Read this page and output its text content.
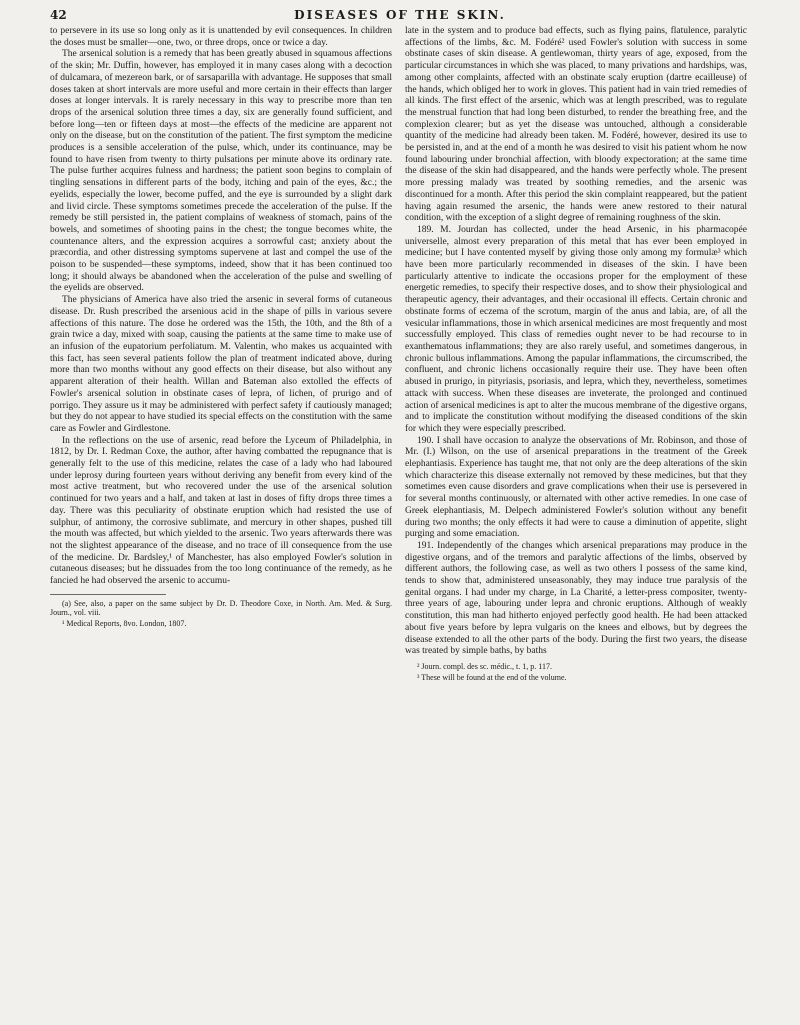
42	DISEASES OF THE SKIN.

to persevere in its use so long only as it is unattended by evil consequences. In children the doses must be smaller—one, two, or three drops, once or twice a day.

The arsenical solution is a remedy that has been greatly abused in squamous affections of the skin; Mr. Duffin, however, has employed it in many cases along with a decoction of dulcamara, of mezereon bark, or of sarsaparilla with advantage. He supposes that small doses taken at short intervals are more useful and more certain in their effects than larger doses at longer intervals. It is rarely necessary in this way to prescribe more than ten drops of the arsenical solution three times a day, six are generally found sufficient, and before long—ten or fifteen days at most—the effects of the medicine are apparent not only on the disease, but on the constitution of the patient. The first symptom the medicine produces is a sensible acceleration of the pulse, which, under its continuance, may be found to have risen from twenty to thirty pulsations per minute above its ordinary rate. The pulse further acquires fulness and hardness; the patient soon begins to complain of tingling sensations in different parts of the body, itching and pain of the eyes, &c.; the eyelids, especially the lower, become puffed, and the eye is surrounded by a slight dark and livid circle. These symptoms sometimes precede the acceleration of the pulse. If the remedy be still persisted in, the patient complains of weakness of stomach, pains of the bowels, and sometimes of shooting pains in the chest; the tongue becomes white, the countenance alters, and the expression acquires a sorrowful cast; anxiety about the præcordia, and other distressing symptoms supervene at last and compel the use of the poison to be suspended—these symptoms, indeed, show that it has been continued too long; it should always be abandoned when the acceleration of the pulse and swelling of the eyelids are observed.

The physicians of America have also tried the arsenic in several forms of cutaneous disease. Dr. Rush prescribed the arsenious acid in the shape of pills in various severe affections of this nature. The dose he ordered was the 15th, the 10th, and the 8th of a grain twice a day, mixed with soap, causing the patients at the same time to make use of an infusion of the eupatorium perfoliatum. M. Valentin, who makes us acquainted with this fact, has seen several patients follow the plan of treatment indicated above, during more than two months without any good effects on their disease, but also without any apparent alteration of their health. Willan and Bateman also extolled the effects of Fowler's arsenical solution in obstinate cases of lepra, of lichen, of prurigo and of porrigo. They assure us it may be administered with perfect safety if cautiously managed; but they do not appear to have studied its special effects on the constitution with the same care as Fowler and Girdlestone.

In the reflections on the use of arsenic, read before the Lyceum of Philadelphia, in 1812, by Dr. I. Redman Coxe, the author, after having combatted the repugnance that is generally felt to the use of this medicine, relates the case of a lady who had laboured under leprosy during fourteen years without deriving any benefit from every kind of the most active treatment, but who recovered under the use of the arsenical solution continued for two years and a half, and taken at last in doses of fifty drops three times a day. There was this peculiarity of obstinate eruption which had resisted the use of sulphur, of antimony, the corrosive sublimate, and mercury in other shapes, pushed till the mouth was affected, but which yielded to the arsenic. Two years afterwards there was not the slightest appearance of the disease, and no trace of ill consequence from the use of the medicine. Dr. Bardsley,¹ of Manchester, has also employed Fowler's solution in cutaneous diseases; but he dissuades from the too long continuance of the remedy, as he fancied he had observed the arsenic to accumu-

(a) See, also, a paper on the same subject by Dr. D. Theodore Coxe, in North. Am. Med. & Surg. Journ., vol. viii.

¹ Medical Reports, 8vo. London, 1807.

late in the system and to produce bad effects, such as flying pains, flatulence, paralytic affections of the limbs, &c. M. Fodéré² used Fowler's solution with success in some obstinate cases of skin disease. A gentlewoman, thirty years of age, exposed, from the particular circumstances in which she was placed, to many privations and hardships, was, among other complaints, affected with an obstinate scaly eruption (dartre ecailleuse) of the hands, which obliged her to work in gloves. This patient had in vain tried remedies of all kinds. The first effect of the arsenic, which was at length prescribed, was to regulate the menstrual function that had long been disturbed, to render the breathing free, and the complexion clearer; but as yet the disease was untouched, although a considerable quantity of the medicine had already been taken. M. Fodéré, however, desired its use to be persisted in, and at the end of a month he was desired to visit his patient whom he now found labouring under bronchial affection, with bloody expectoration; at the same time the disease of the skin had disappeared, and the hands were perfectly whole. The present more pressing malady was treated by soothing remedies, and the arsenic was discontinued for a month. After this period the skin complaint reappeared, but the patient having again resumed the arsenic, the hands were anew restored to their natural condition, with the exception of a slight degree of remaining roughness of the skin.

189. M. Jourdan has collected, under the head Arsenic, in his pharmacopée universelle, almost every preparation of this metal that has ever been employed in medicine; but I have contented myself by giving those only among my formulæ³ which have been more particularly recommended in diseases of the skin. I have been particularly attentive to indicate the occasions proper for the employment of these energetic remedies, to specify their respective doses, and to show their physiological and therapeutic agency, their advantages, and their occasional ill effects. Certain chronic and obstinate forms of eczema of the scrotum, margin of the anus and labia, are, of all the vesicular inflammations, those in which arsenical medicines are most frequently and most successfully employed. This class of remedies ought never to be had recourse to in exanthematous inflammations; they are also rarely useful, and sometimes dangerous, in chronic bullous inflammations. Among the papular inflammations, the circumscribed, the confluent, and chronic lichens occasionally require their use. They have been often abused in prurigo, in pityriasis, psoriasis, and lepra, which they, nevertheless, sometimes attack with success. When these diseases are inveterate, the prolonged and continued action of arsenical medicines is apt to alter the mucous membrane of the digestive organs, and to implicate the constitution without modifying the diseased conditions of the skin for which they were especially prescribed.

190. I shall have occasion to analyze the observations of Mr. Robinson, and those of Mr. (I.) Wilson, on the use of arsenical preparations in the treatment of the Greek elephantiasis. Experience has taught me, that not only are the deep alterations of the skin which characterize this disease externally not removed by these medicines, but that they sometimes even cause disorders and grave complications when their use is persevered in for several months continuously, or alternated with other active remedies. In one case of Greek elephantiasis, M. Delpech administered Fowler's solution without any benefit during two months; the only effects it had were to cause a diminution of appetite, slight purging and some emaciation.

191. Independently of the changes which arsenical preparations may produce in the digestive organs, and of the tremors and paralytic affections of the limbs, observed by different authors, the following case, as well as two others I possess of the same kind, tends to show that, administered unseasonably, they may induce true paralysis of the genital organs. I had under my charge, in La Charité, a letter-press compositer, twenty-three years of age, labouring under lepra and chronic eruptions. Although of weakly constitution, this man had hitherto enjoyed perfectly good health. He had been attacked about five years before by lepra vulgaris on the knees and elbows, but by degrees the disease extended to all the other parts of the body. During the first two years, the disease was treated by simple baths, by baths

² Journ. compl. des sc. médic., t. 1, p. 117.

³ These will be found at the end of the volume.
